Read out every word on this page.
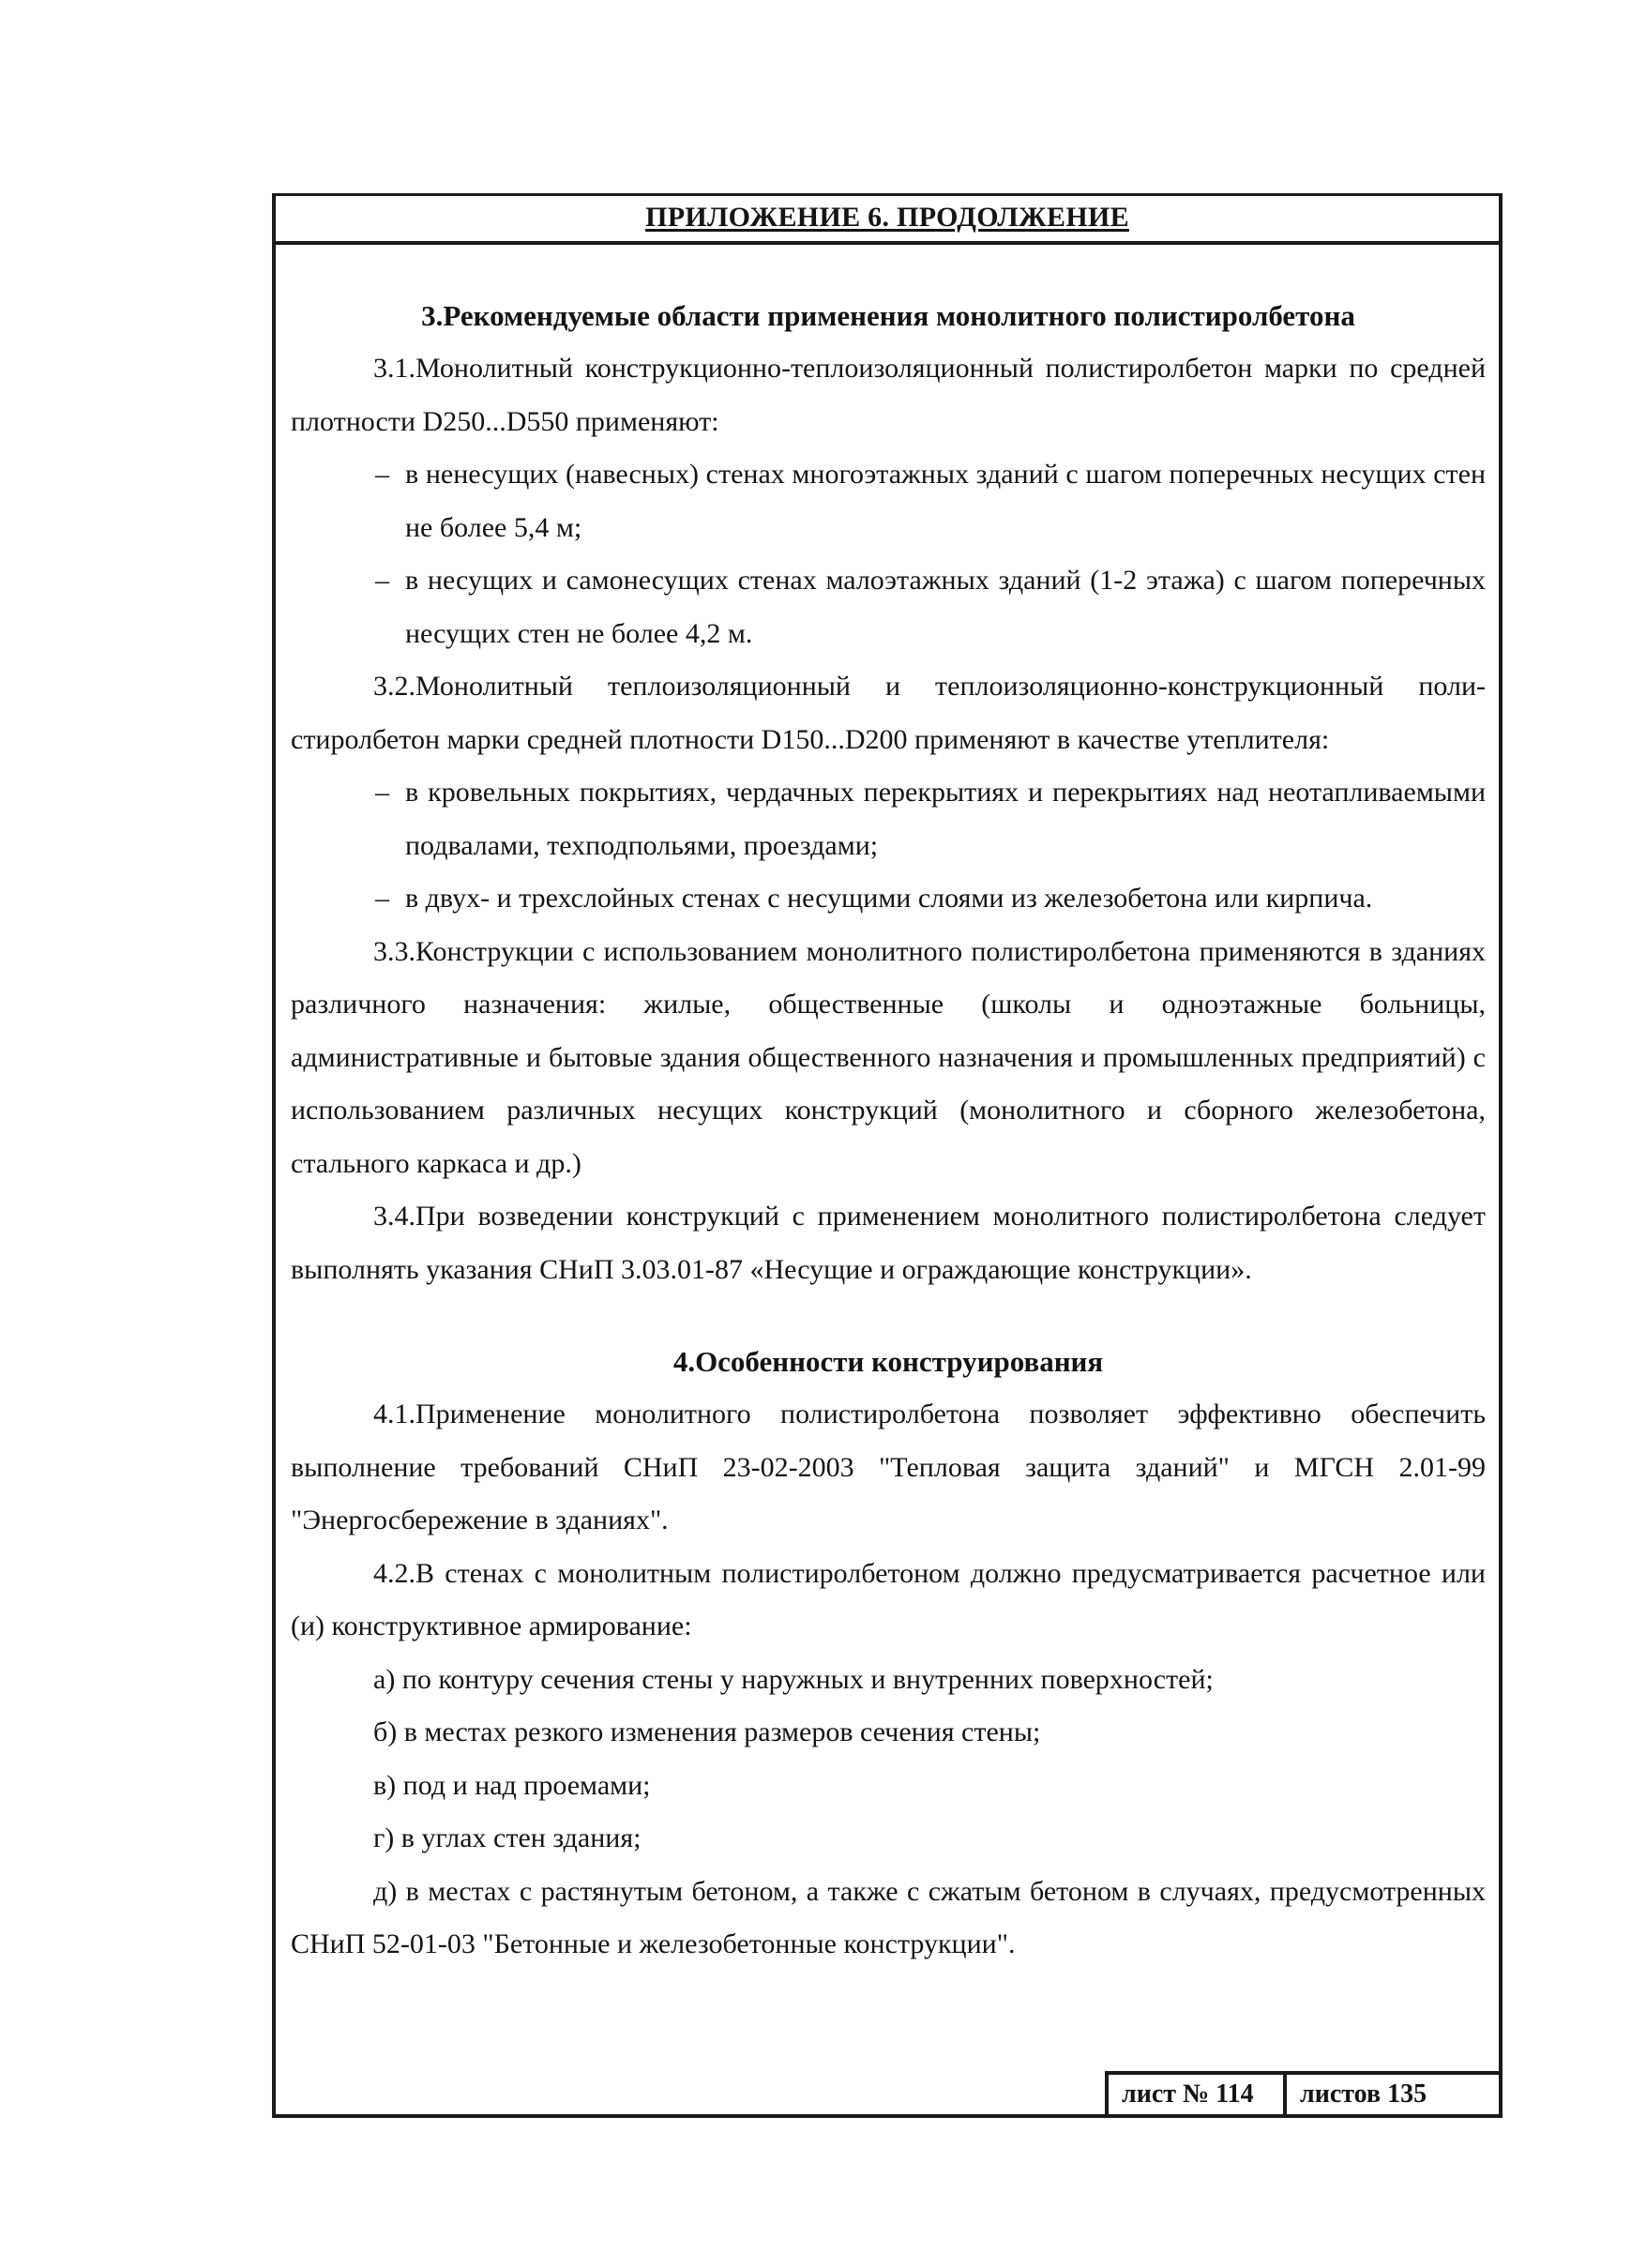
ПРИЛОЖЕНИЕ 6. ПРОДОЛЖЕНИЕ

3.Рекомендуемые области применения монолитного полистиролбетона

3.1.Монолитный конструкционно-теплоизоляционный полистиролбетон марки по средней плотности D250...D550 применяют:

– в ненесущих (навесных) стенах многоэтажных зданий с шагом поперечных несущих стен не более 5,4 м;

– в несущих и самонесущих стенах малоэтажных зданий (1-2 этажа) с шагом поперечных несущих стен не более 4,2 м.

3.2.Монолитный теплоизоляционный и теплоизоляционно-конструкционный полистиролбетон марки средней плотности D150...D200 применяют в качестве утеплителя:

– в кровельных покрытиях, чердачных перекрытиях и перекрытиях над неотапливаемыми подвалами, техподпольями, проездами;

– в двух- и трехслойных стенах с несущими слоями из железобетона или кирпича.

3.3.Конструкции с использованием монолитного полистиролбетона применяются в зданиях различного назначения: жилые, общественные (школы и одноэтажные больницы, административные и бытовые здания общественного назначения и промышленных предприятий) с использованием различных несущих конструкций (монолитного и сборного железобетона, стального каркаса и др.)

3.4.При возведении конструкций с применением монолитного полистиролбетона следует выполнять указания СНиП 3.03.01-87 «Несущие и ограждающие конструкции».

4.Особенности конструирования

4.1.Применение монолитного полистиролбетона позволяет эффективно обеспечить выполнение требований СНиП 23-02-2003 "Тепловая защита зданий" и МГСН 2.01-99 "Энергосбережение в зданиях".

4.2.В стенах с монолитным полистиролбетоном должно предусматривается расчетное или (и) конструктивное армирование:

а) по контуру сечения стены у наружных и внутренних поверхностей;

б) в местах резкого изменения размеров сечения стены;

в) под и над проемами;

г) в углах стен здания;

д) в местах с растянутым бетоном, а также с сжатым бетоном в случаях, предусмотренных СНиП 52-01-03 "Бетонные и железобетонные конструкции".

лист № 114	листов 135
